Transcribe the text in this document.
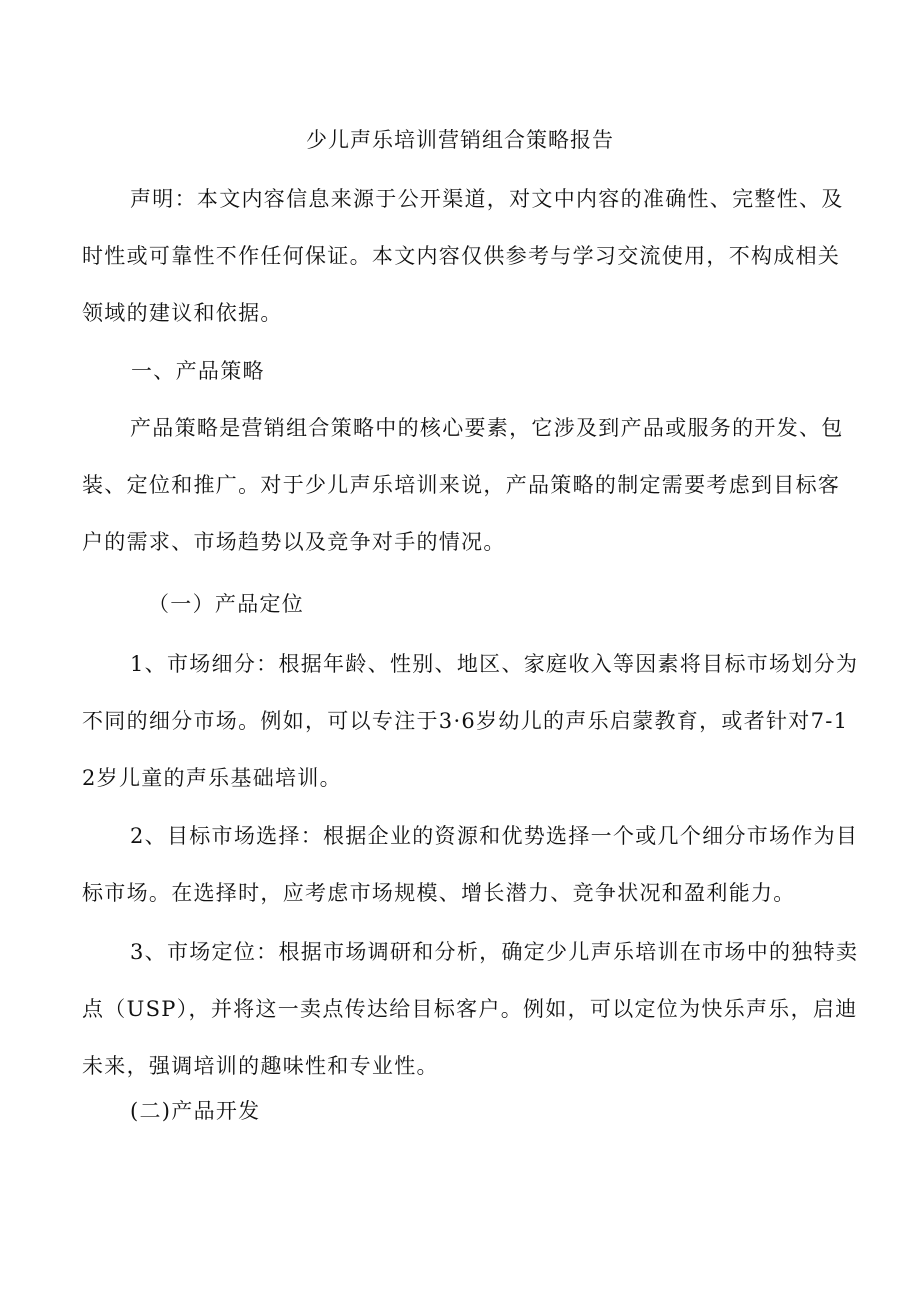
少儿声乐培训营销组合策略报告

声明：本文内容信息来源于公开渠道，对文中内容的准确性、完整性、及时性或可靠性不作任何保证。本文内容仅供参考与学习交流使用，不构成相关领域的建议和依据。

一、产品策略

产品策略是营销组合策略中的核心要素，它涉及到产品或服务的开发、包装、定位和推广。对于少儿声乐培训来说，产品策略的制定需要考虑到目标客户的需求、市场趋势以及竞争对手的情况。

（一）产品定位

1、市场细分：根据年龄、性别、地区、家庭收入等因素将目标市场划分为不同的细分市场。例如，可以专注于3·6岁幼儿的声乐启蒙教育，或者针对7-12岁儿童的声乐基础培训。

2、目标市场选择：根据企业的资源和优势选择一个或几个细分市场作为目标市场。在选择时，应考虑市场规模、增长潜力、竞争状况和盈利能力。

3、市场定位：根据市场调研和分析，确定少儿声乐培训在市场中的独特卖点（USP），并将这一卖点传达给目标客户。例如，可以定位为快乐声乐，启迪未来，强调培训的趣味性和专业性。

(二)产品开发
